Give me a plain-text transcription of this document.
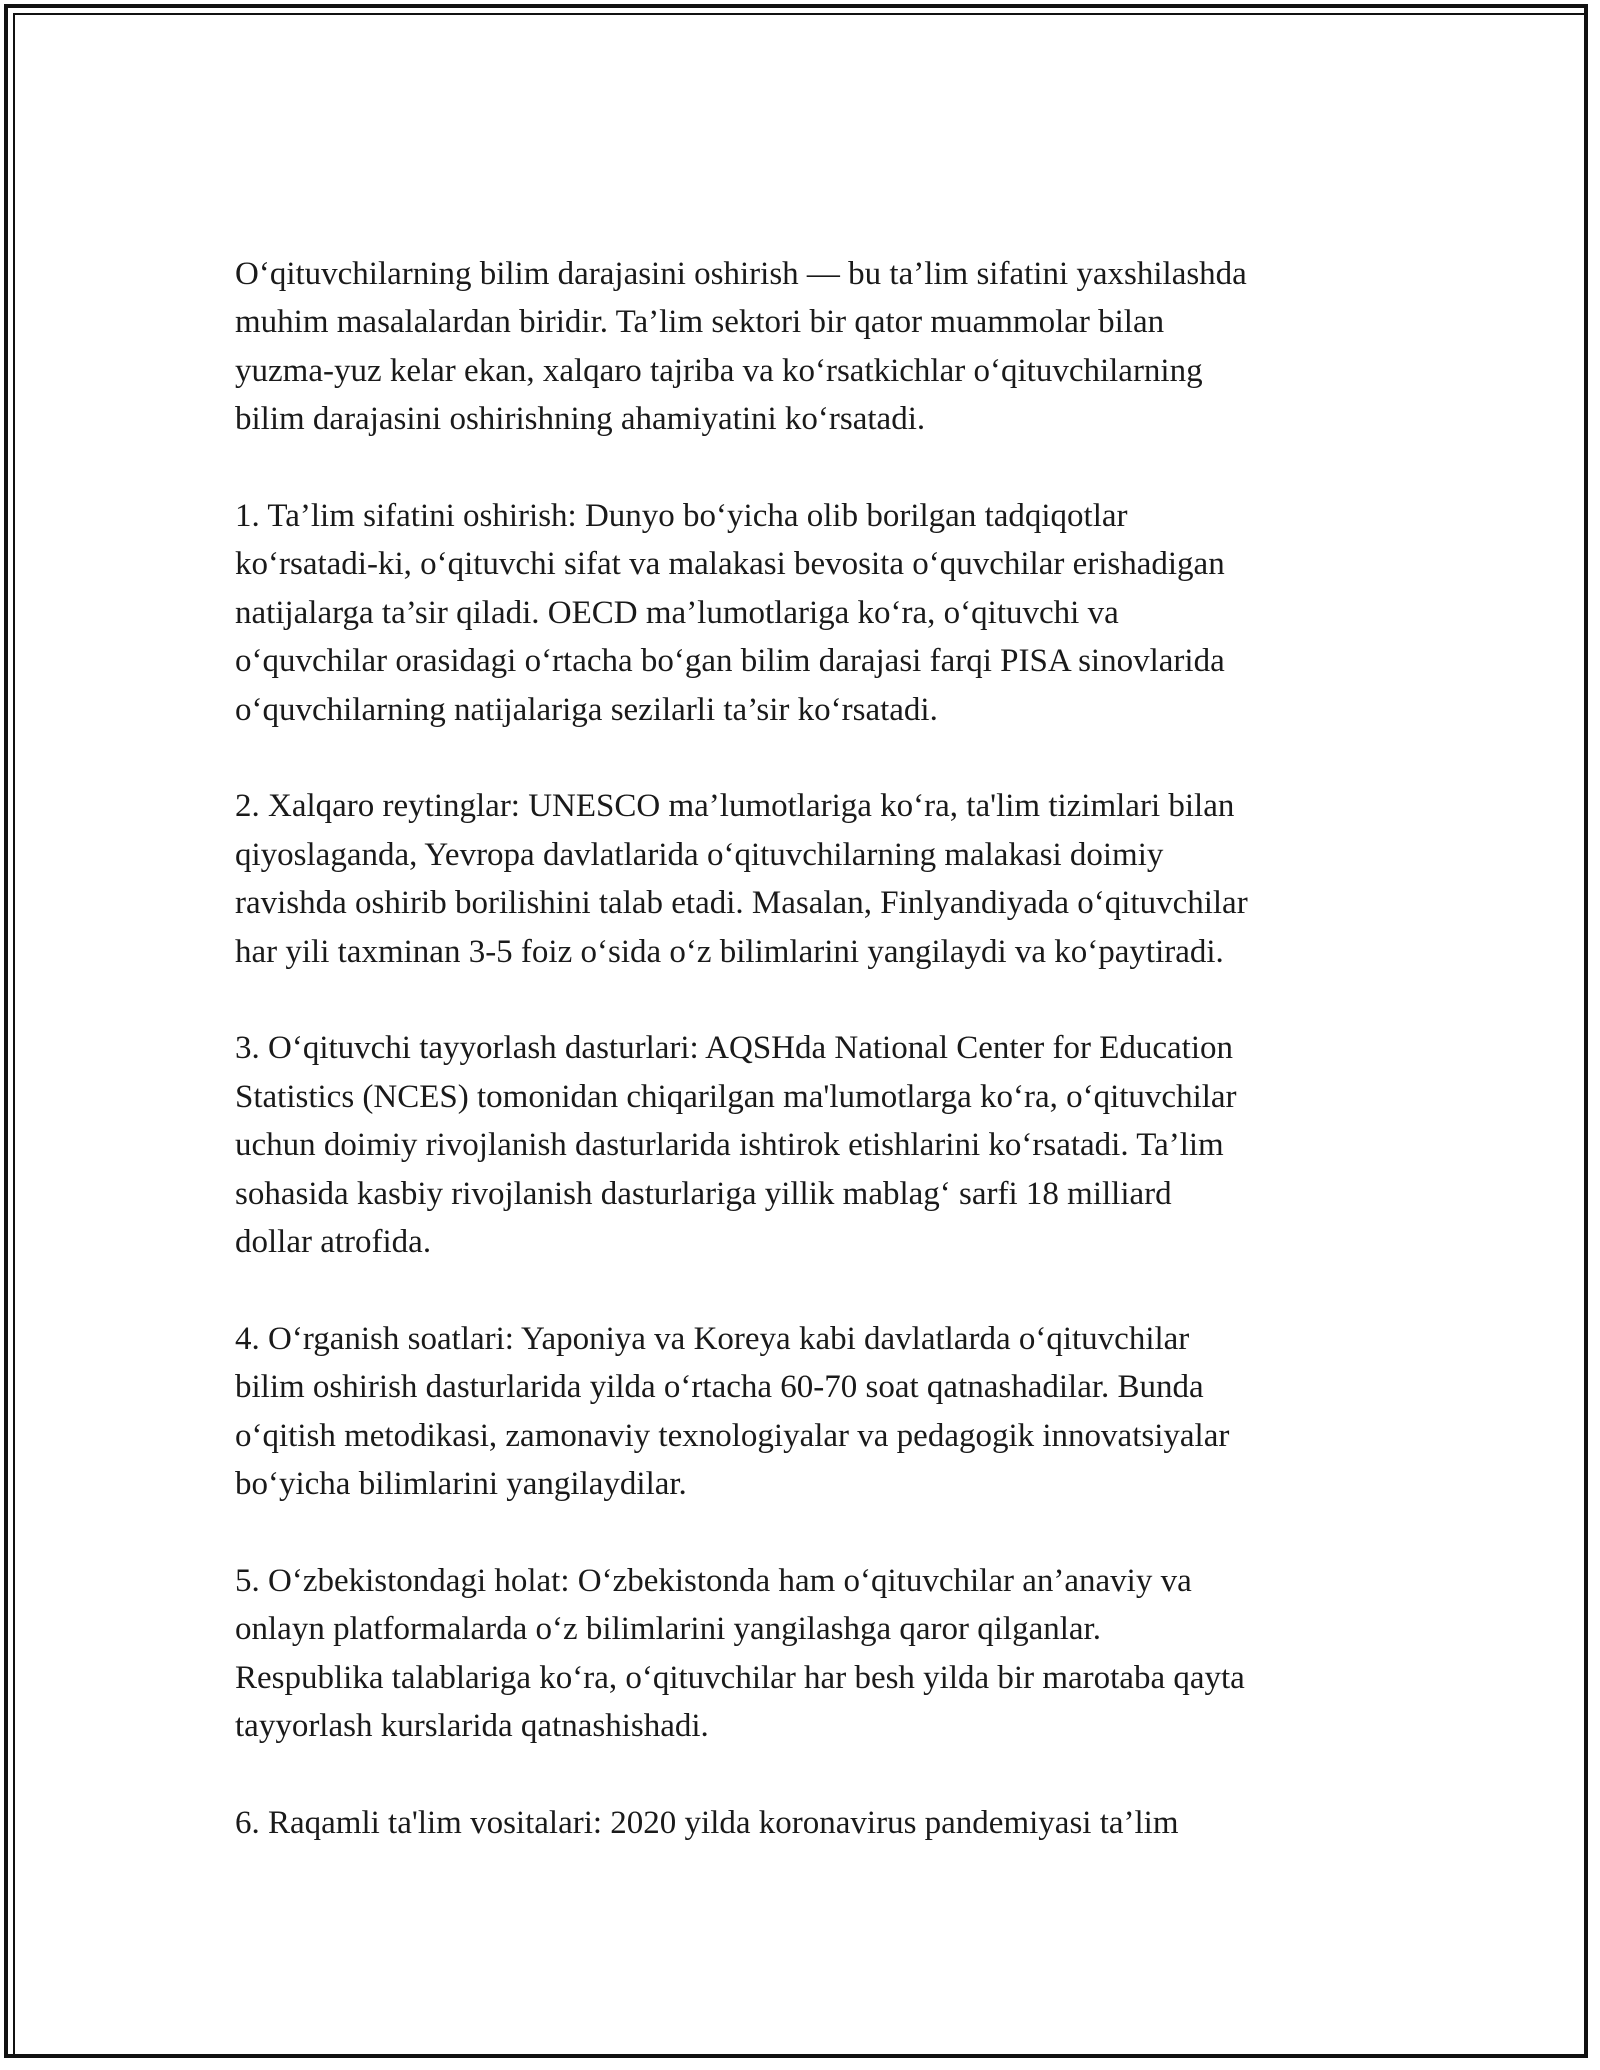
O‘qituvchilarning bilim darajasini oshirish — bu ta’lim sifatini yaxshilashda
muhim masalalardan biridir. Ta’lim sektori bir qator muammolar bilan
yuzma-yuz kelar ekan, xalqaro tajriba va ko‘rsatkichlar o‘qituvchilarning
bilim darajasini oshirishning ahamiyatini ko‘rsatadi.

1. Ta’lim sifatini oshirish: Dunyo bo‘yicha olib borilgan tadqiqotlar
ko‘rsatadi-ki, o‘qituvchi sifat va malakasi bevosita o‘quvchilar erishadigan
natijalarga ta’sir qiladi. OECD ma’lumotlariga ko‘ra, o‘qituvchi va
o‘quvchilar orasidagi o‘rtacha bo‘gan bilim darajasi farqi PISA sinovlarida
o‘quvchilarning natijalariga sezilarli ta’sir ko‘rsatadi.

2. Xalqaro reytinglar: UNESCO ma’lumotlariga ko‘ra, ta'lim tizimlari bilan
qiyoslaganda, Yevropa davlatlarida o‘qituvchilarning malakasi doimiy
ravishda oshirib borilishini talab etadi. Masalan, Finlyandiyada o‘qituvchilar
har yili taxminan 3-5 foiz o‘sida o‘z bilimlarini yangilaydi va ko‘paytiradi.

3. O‘qituvchi tayyorlash dasturlari: AQSHda National Center for Education
Statistics (NCES) tomonidan chiqarilgan ma'lumotlarga ko‘ra, o‘qituvchilar
uchun doimiy rivojlanish dasturlarida ishtirok etishlarini ko‘rsatadi. Ta’lim
sohasida kasbiy rivojlanish dasturlariga yillik mablag‘ sarfi 18 milliard
dollar atrofida.

4. O‘rganish soatlari: Yaponiya va Koreya kabi davlatlarda o‘qituvchilar
bilim oshirish dasturlarida yilda o‘rtacha 60-70 soat qatnashadilar. Bunda
o‘qitish metodikasi, zamonaviy texnologiyalar va pedagogik innovatsiyalar
bo‘yicha bilimlarini yangilaydilar.

5. O‘zbekistondagi holat: O‘zbekistonda ham o‘qituvchilar an’anaviy va
onlayn platformalarda o‘z bilimlarini yangilashga qaror qilganlar.
Respublika talablariga ko‘ra, o‘qituvchilar har besh yilda bir marotaba qayta
tayyorlash kurslarida qatnashishadi.

6. Raqamli ta'lim vositalari: 2020 yilda koronavirus pandemiyasi ta’lim
